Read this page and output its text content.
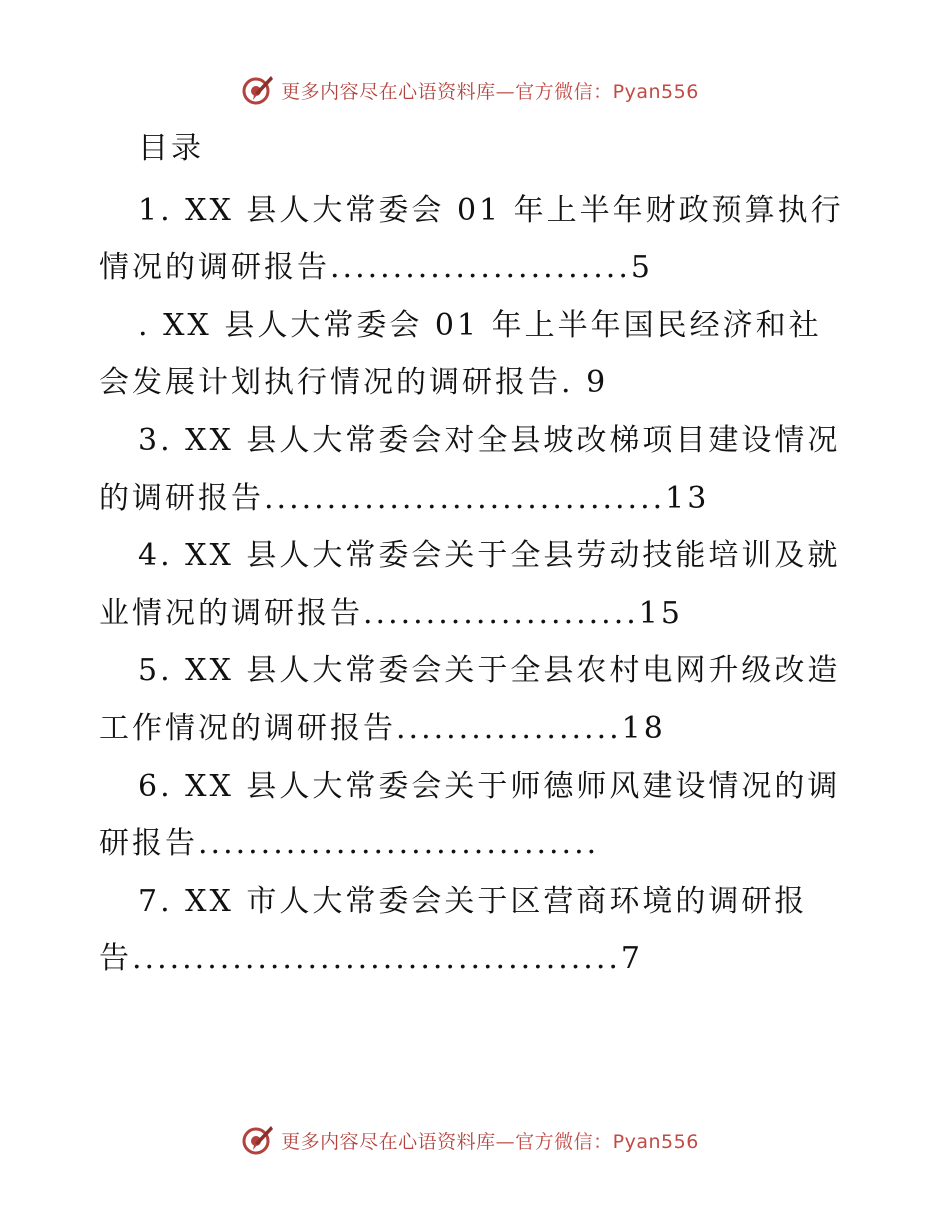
更多内容尽在心语资料库—官方微信：Pyan556

目录

1. XX 县人大常委会 01 年上半年财政预算执行情况的调研报告........................5

. XX 县人大常委会 01 年上半年国民经济和社会发展计划执行情况的调研报告. 9

3. XX 县人大常委会对全县坡改梯项目建设情况的调研报告................................13

4. XX 县人大常委会关于全县劳动技能培训及就业情况的调研报告......................15

5. XX 县人大常委会关于全县农村电网升级改造工作情况的调研报告..................18

6. XX 县人大常委会关于师德师风建设情况的调研报告................................

7. XX 市人大常委会关于区营商环境的调研报告.......................................7

更多内容尽在心语资料库—官方微信：Pyan556
